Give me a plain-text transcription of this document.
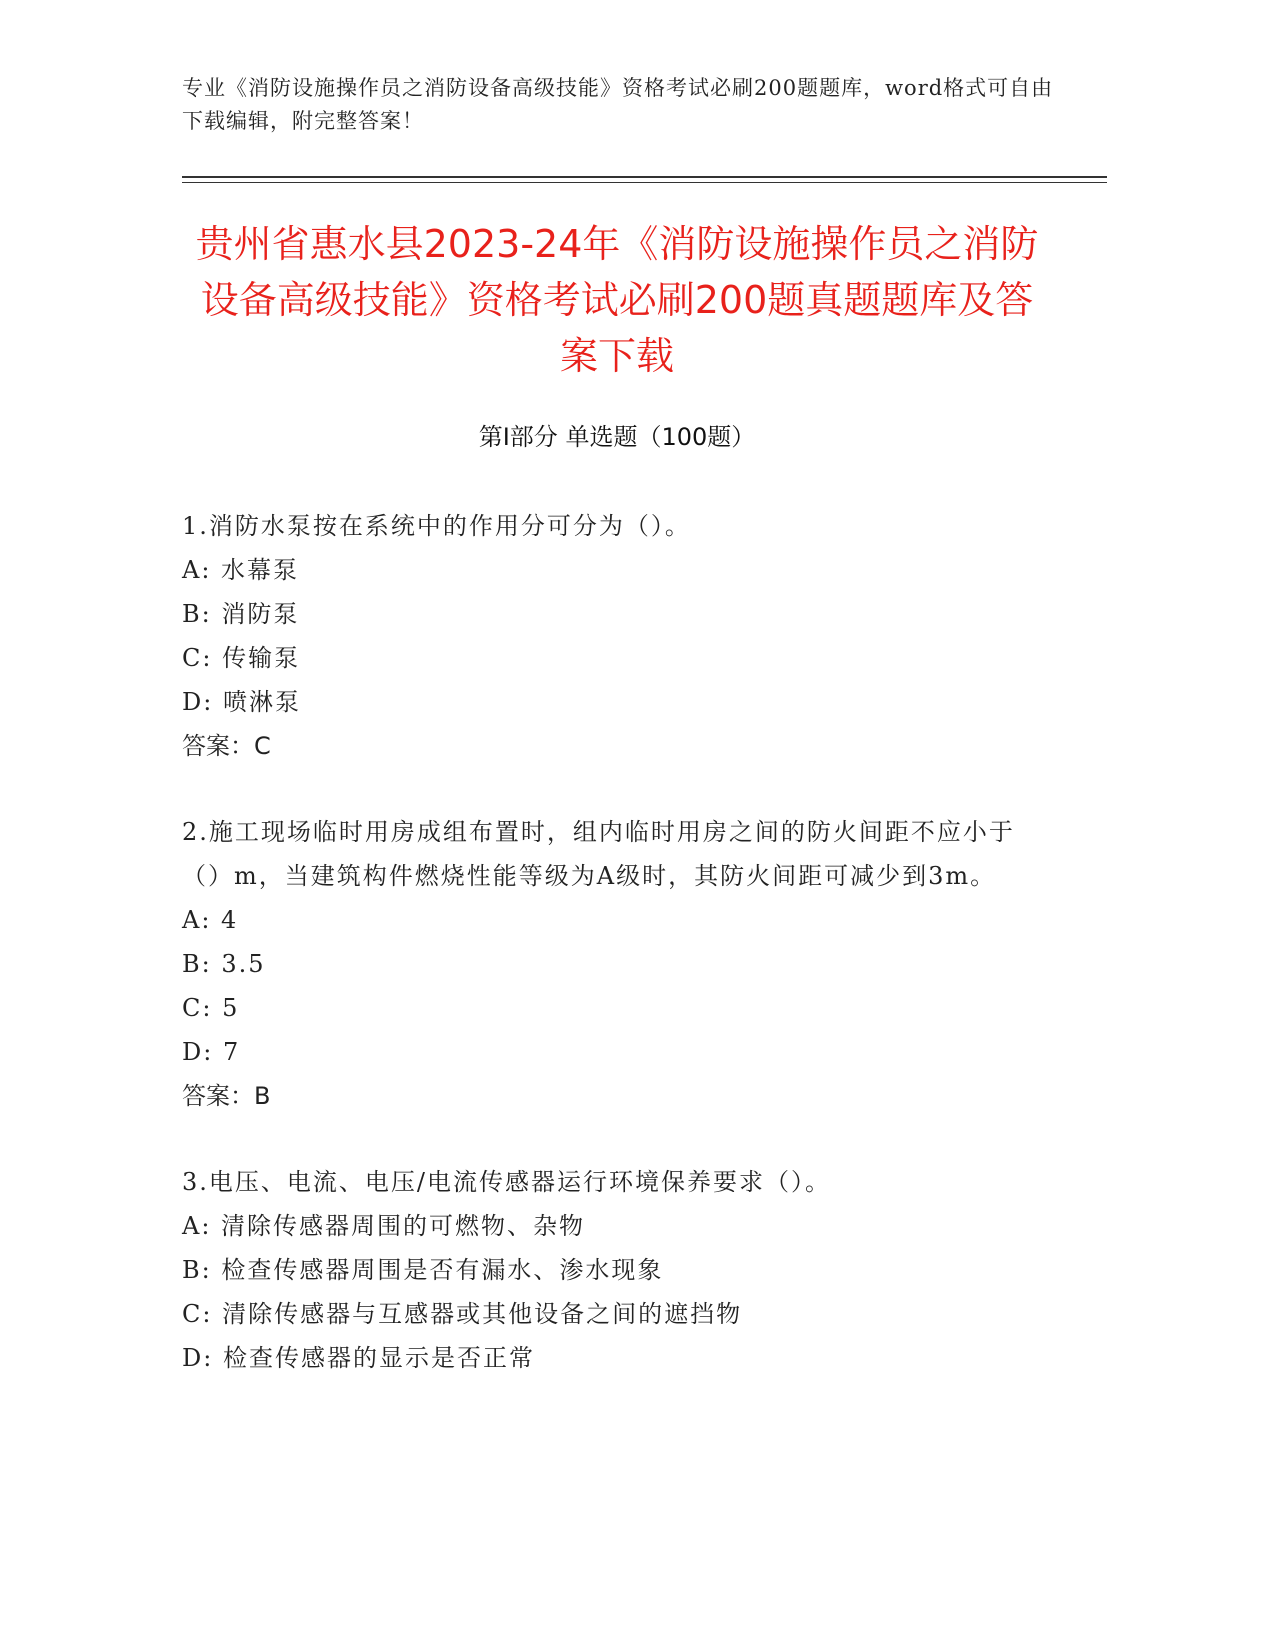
专业《消防设施操作员之消防设备高级技能》资格考试必刷200题题库，word格式可自由下载编辑，附完整答案！
贵州省惠水县2023-24年《消防设施操作员之消防设备高级技能》资格考试必刷200题真题题库及答案下载
第I部分 单选题（100题）
1.消防水泵按在系统中的作用分可分为（）。
A: 水幕泵
B: 消防泵
C: 传输泵
D: 喷淋泵
答案：C
2.施工现场临时用房成组布置时，组内临时用房之间的防火间距不应小于（）m，当建筑构件燃烧性能等级为A级时，其防火间距可减少到3m。
A: 4
B: 3.5
C: 5
D: 7
答案：B
3.电压、电流、电压/电流传感器运行环境保养要求（）。
A: 清除传感器周围的可燃物、杂物
B: 检查传感器周围是否有漏水、渗水现象
C: 清除传感器与互感器或其他设备之间的遮挡物
D: 检查传感器的显示是否正常
